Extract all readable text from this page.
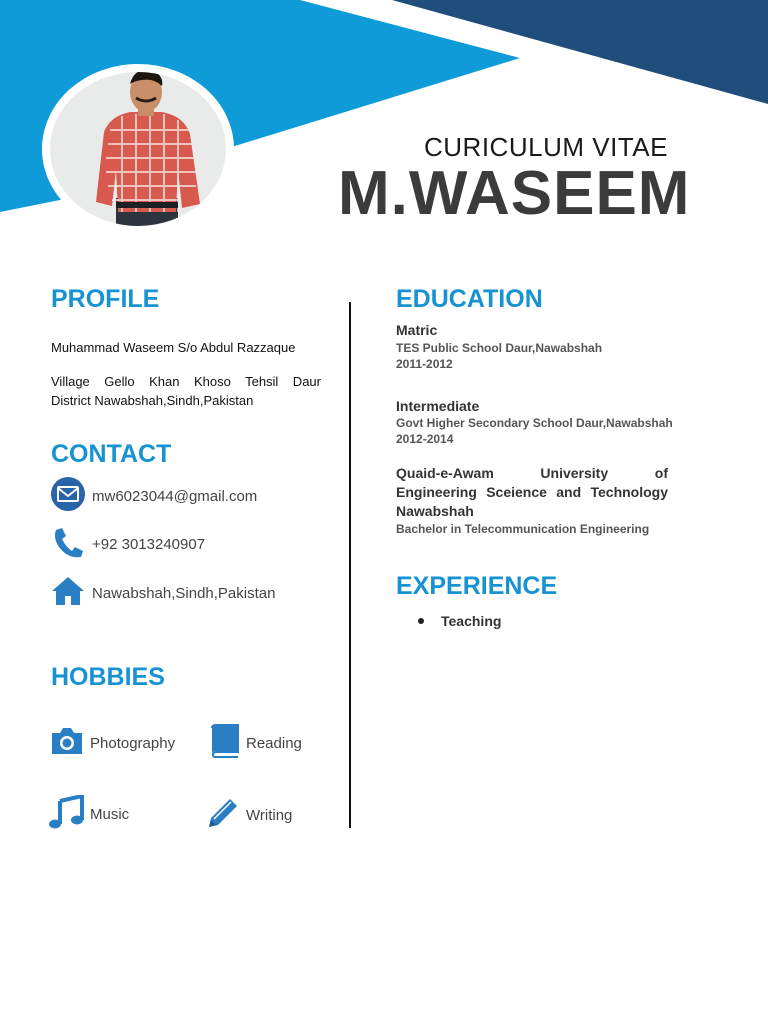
CURICULUM VITAE
M.WASEEM
PROFILE
Muhammad Waseem S/o Abdul Razzaque
Village Gello Khan Khoso Tehsil Daur
District Nawabshah,Sindh,Pakistan
CONTACT
mw6023044@gmail.com
+92 3013240907
Nawabshah,Sindh,Pakistan
HOBBIES
Photography	Reading
Music	Writing
EDUCATION
Matric
TES Public School Daur,Nawabshah
2011-2012
Intermediate
Govt Higher Secondary School Daur,Nawabshah
2012-2014
Quaid-e-Awam University of
Engineering Sceience and Technology
Nawabshah
Bachelor in Telecommunication Engineering
EXPERIENCE
Teaching
